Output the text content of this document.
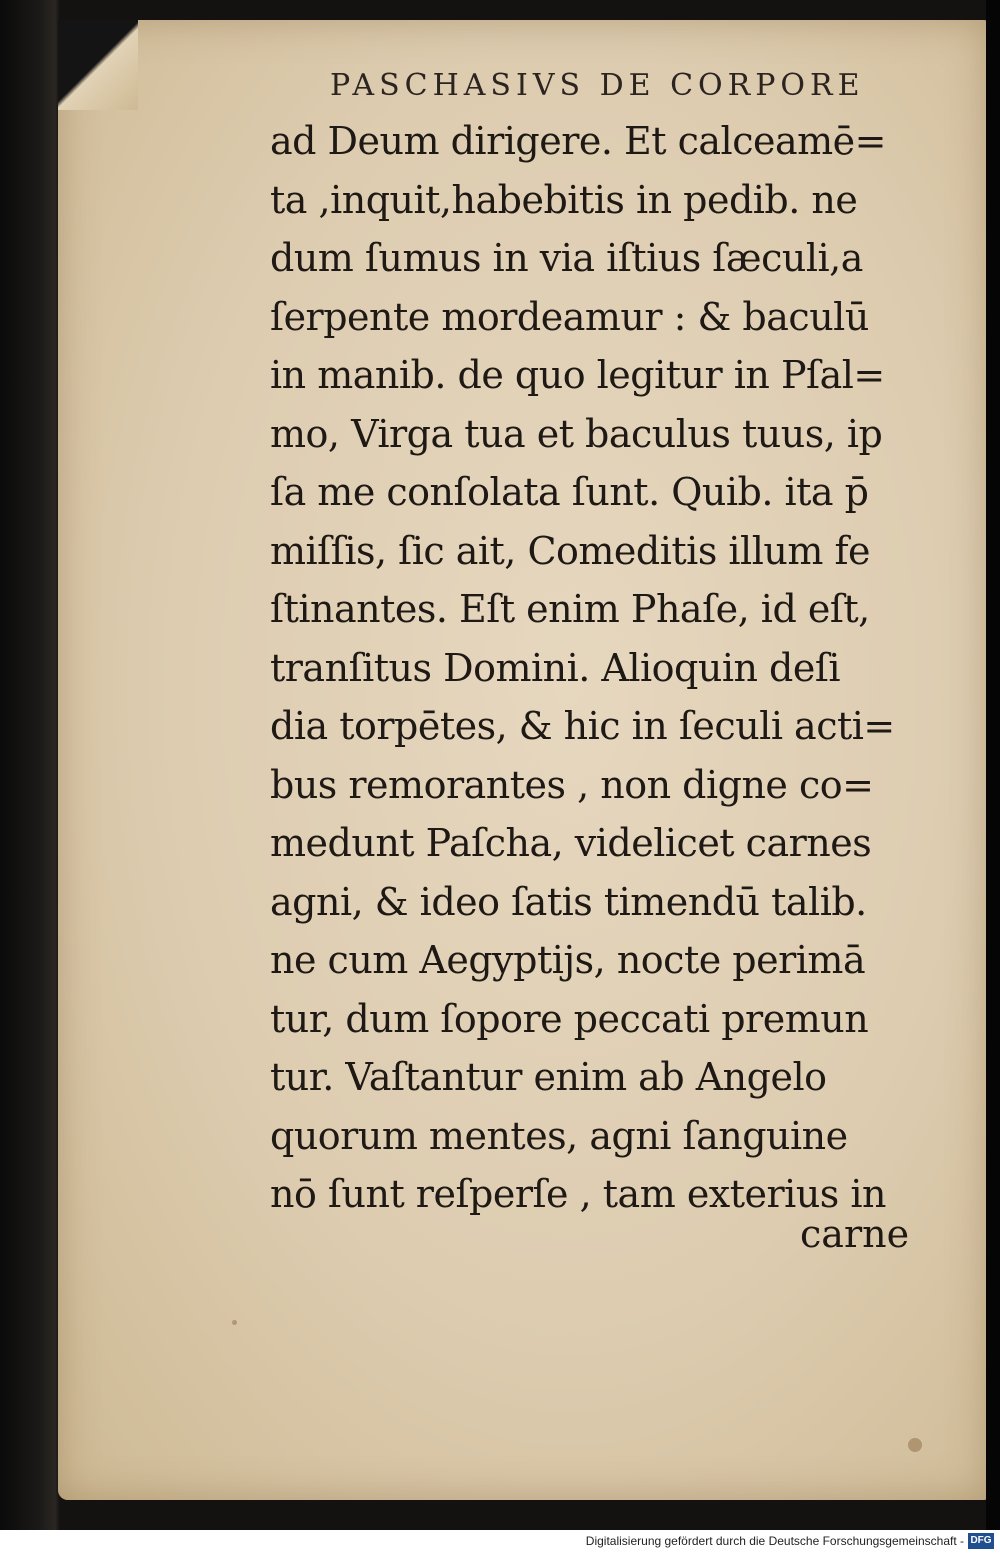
PASCHASIVS DE CORPORE
ad Deum dirigere. Et calceamē=
ta ,inquit,habebitis in pedib. ne
dum ſumus in via iſtius ſæculi,a
ſerpente mordeamur : & baculū
in manib. de quo legitur in Pſal=
mo, Virga tua et baculus tuus, ip
ſa me conſolata ſunt. Quib. ita p̄
miſſis, ſic ait, Comeditis illum fe
ſtinantes. Eſt enim Phaſe, id eſt,
tranſitus Domini. Alioquin deſi
dia torpētes, & hic in ſeculi acti=
bus remorantes , non digne co=
medunt Paſcha, videlicet carnes
agni, & ideo ſatis timendū talib.
ne cum Aegyptijs, nocte perimā
tur, dum ſopore peccati premun
tur. Vaſtantur enim ab Angelo
quorum mentes, agni ſanguine
nō ſunt reſperſe , tam exterius in
carne
Digitalisierung gefördert durch die Deutsche Forschungsgemeinschaft - DFG
